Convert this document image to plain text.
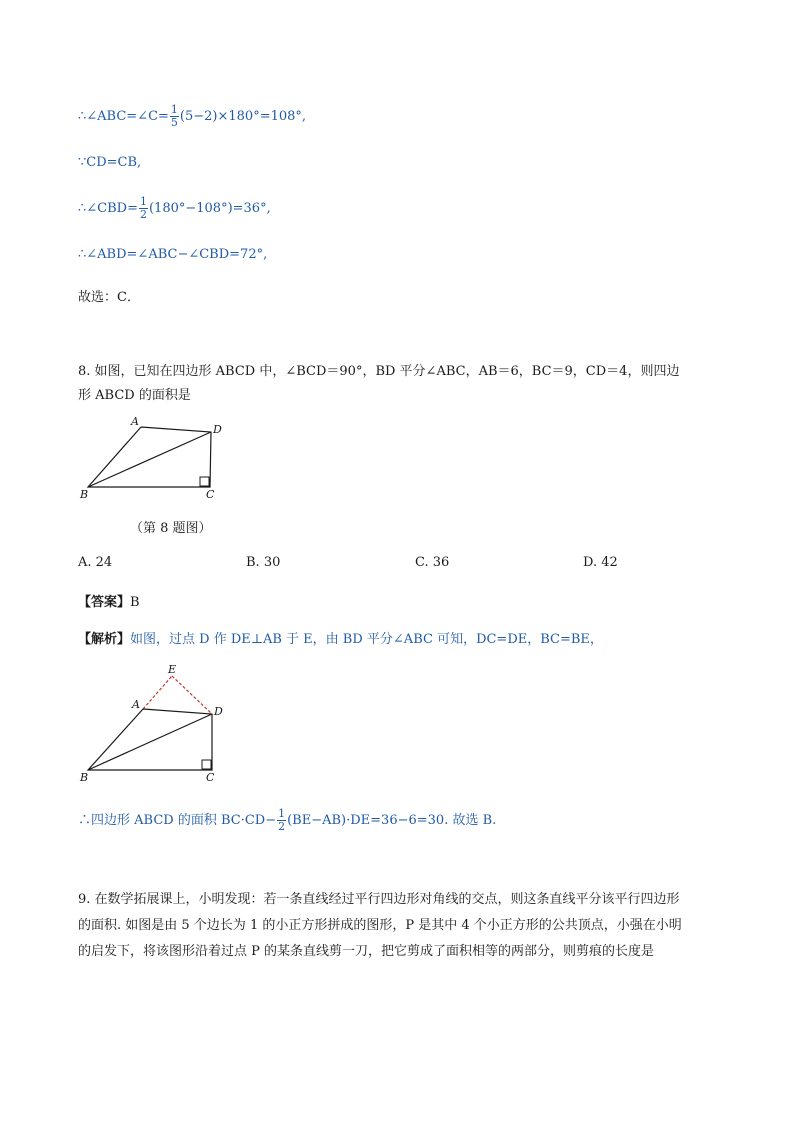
∴∠ABC=∠C= $\frac{1}{5} (5-2)\times 180^\circ=108^\circ$,
∵CD=CB,
∴∠CBD= $\frac{1}{2} (180^\circ-108^\circ)=36^\circ$,
∴∠ABD=∠ABC−∠CBD=72°,
故选：C．
8. 如图，已知在四边形 ABCD 中，∠BCD＝90°，BD 平分∠ABC，AB＝6，BC＝9，CD＝4，则四边
形 ABCD 的面积是
A
D
B	C
（第 8 题图）
A. 24	B. 30	C. 36	D. 42
【答案】B
【解析】如图，过点 D 作 DE⊥AB 于 E，由 BD 平分∠ABC 可知，DC=DE，BC=BE，
E
A
D
B	C
∴四边形 ABCD 的面积 $BC\cdot CD- \frac{1}{2} (BE-AB)\cdot DE=36-6=30$. 故选 B.
9. 在数学拓展课上，小明发现：若一条直线经过平行四边形对角线的交点，则这条直线平分该平行四边形的面积. 如图是由 5 个边长为 1 的小正方形拼成的图形，P 是其中 4 个小正方形的公共顶点，小强在小明的启发下，将该图形沿着过点 P 的某条直线剪一刀，把它剪成了面积相等的两部分，则剪痕的长度是
